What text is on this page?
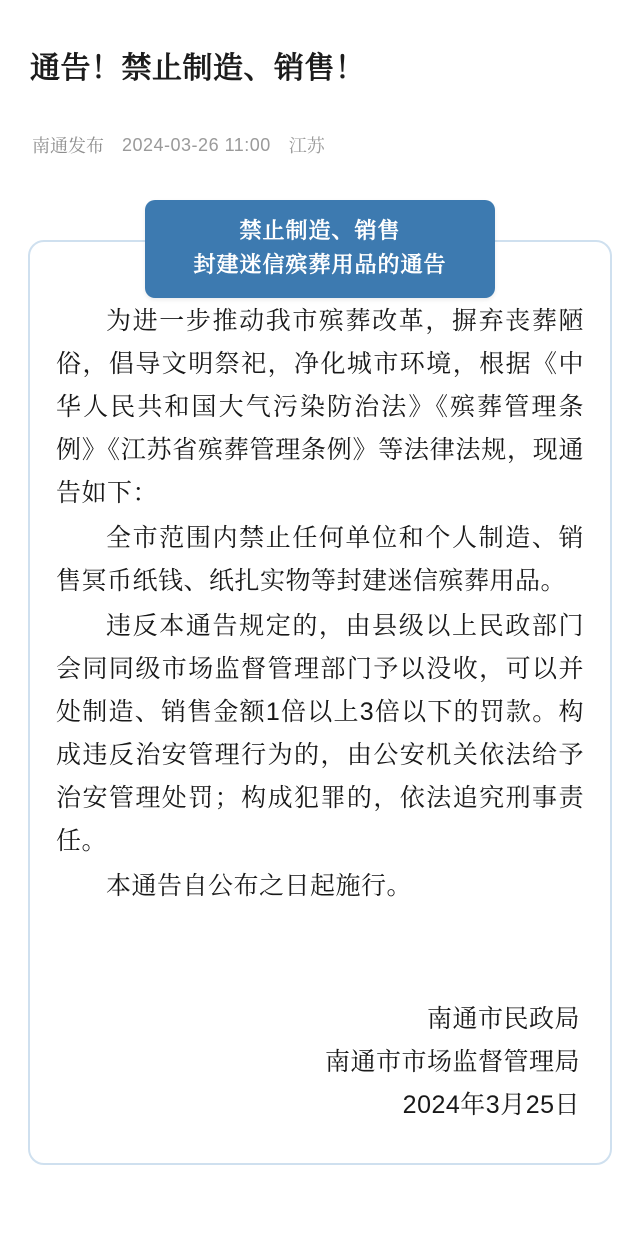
通告！禁止制造、销售！
南通发布 2024-03-26 11:00 江苏
禁止制造、销售
封建迷信殡葬用品的通告

为进一步推动我市殡葬改革，摒弃丧葬陋俗，倡导文明祭祀，净化城市环境，根据《中华人民共和国大气污染防治法》《殡葬管理条例》《江苏省殡葬管理条例》等法律法规，现通告如下：

全市范围内禁止任何单位和个人制造、销售冥币纸钱、纸扎实物等封建迷信殡葬用品。

违反本通告规定的，由县级以上民政部门会同同级市场监督管理部门予以没收，可以并处制造、销售金额1倍以上3倍以下的罚款。构成违反治安管理行为的，由公安机关依法给予治安管理处罚；构成犯罪的，依法追究刑事责任。

本通告自公布之日起施行。

南通市民政局
南通市市场监督管理局
2024年3月25日
